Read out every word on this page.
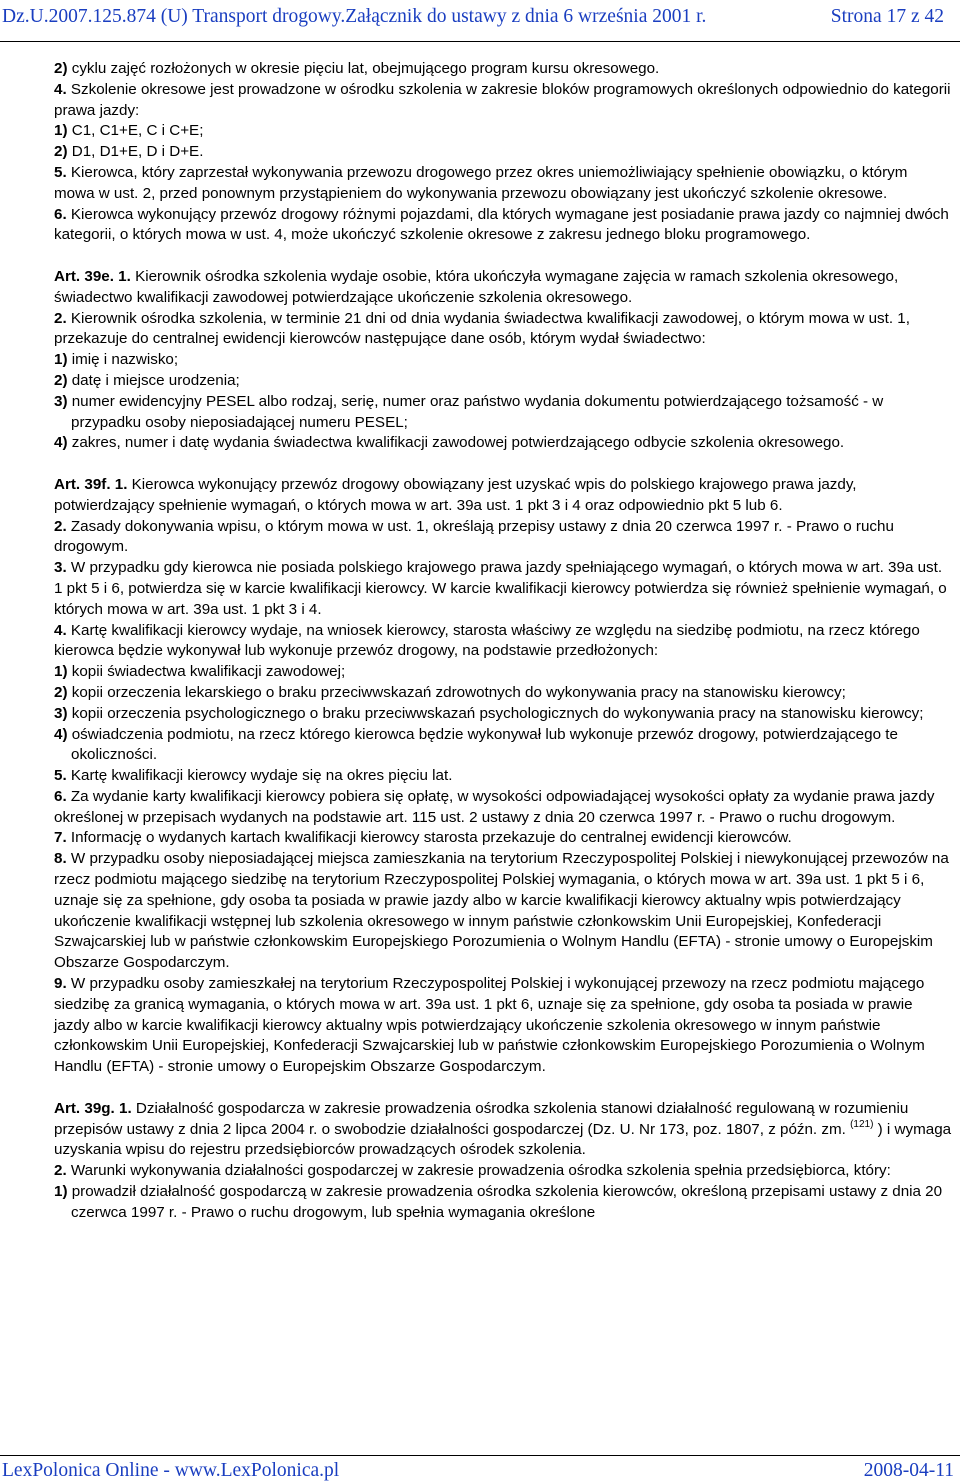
Dz.U.2007.125.874 (U) Transport drogowy.Załącznik do ustawy z dnia 6 września 2001 r.	Strona 17 z 42

2) cyklu zajęć rozłożonych w okresie pięciu lat, obejmującego program kursu okresowego.

4. Szkolenie okresowe jest prowadzone w ośrodku szkolenia w zakresie bloków programowych określonych odpowiednio do kategorii prawa jazdy:

1) C1, C1+E, C i C+E;

2) D1, D1+E, D i D+E.

5. Kierowca, który zaprzestał wykonywania przewozu drogowego przez okres uniemożliwiający spełnienie obowiązku, o którym mowa w ust. 2, przed ponownym przystąpieniem do wykonywania przewozu obowiązany jest ukończyć szkolenie okresowe.

6. Kierowca wykonujący przewóz drogowy różnymi pojazdami, dla których wymagane jest posiadanie prawa jazdy co najmniej dwóch kategorii, o których mowa w ust. 4, może ukończyć szkolenie okresowe z zakresu jednego bloku programowego.

Art. 39e. 1. Kierownik ośrodka szkolenia wydaje osobie, która ukończyła wymagane zajęcia w ramach szkolenia okresowego, świadectwo kwalifikacji zawodowej potwierdzające ukończenie szkolenia okresowego.

2. Kierownik ośrodka szkolenia, w terminie 21 dni od dnia wydania świadectwa kwalifikacji zawodowej, o którym mowa w ust. 1, przekazuje do centralnej ewidencji kierowców następujące dane osób, którym wydał świadectwo:

1) imię i nazwisko;

2) datę i miejsce urodzenia;

3) numer ewidencyjny PESEL albo rodzaj, serię, numer oraz państwo wydania dokumentu potwierdzającego tożsamość - w przypadku osoby nieposiadającej numeru PESEL;

4) zakres, numer i datę wydania świadectwa kwalifikacji zawodowej potwierdzającego odbycie szkolenia okresowego.

Art. 39f. 1. Kierowca wykonujący przewóz drogowy obowiązany jest uzyskać wpis do polskiego krajowego prawa jazdy, potwierdzający spełnienie wymagań, o których mowa w art. 39a ust. 1 pkt 3 i 4 oraz odpowiednio pkt 5 lub 6.

2. Zasady dokonywania wpisu, o którym mowa w ust. 1, określają przepisy ustawy z dnia 20 czerwca 1997 r. - Prawo o ruchu drogowym.

3. W przypadku gdy kierowca nie posiada polskiego krajowego prawa jazdy spełniającego wymagań, o których mowa w art. 39a ust. 1 pkt 5 i 6, potwierdza się w karcie kwalifikacji kierowcy. W karcie kwalifikacji kierowcy potwierdza się również spełnienie wymagań, o których mowa w art. 39a ust. 1 pkt 3 i 4.

4. Kartę kwalifikacji kierowcy wydaje, na wniosek kierowcy, starosta właściwy ze względu na siedzibę podmiotu, na rzecz którego kierowca będzie wykonywał lub wykonuje przewóz drogowy, na podstawie przedłożonych:

1) kopii świadectwa kwalifikacji zawodowej;

2) kopii orzeczenia lekarskiego o braku przeciwwskazań zdrowotnych do wykonywania pracy na stanowisku kierowcy;

3) kopii orzeczenia psychologicznego o braku przeciwwskazań psychologicznych do wykonywania pracy na stanowisku kierowcy;

4) oświadczenia podmiotu, na rzecz którego kierowca będzie wykonywał lub wykonuje przewóz drogowy, potwierdzającego te okoliczności.

5. Kartę kwalifikacji kierowcy wydaje się na okres pięciu lat.

6. Za wydanie karty kwalifikacji kierowcy pobiera się opłatę, w wysokości odpowiadającej wysokości opłaty za wydanie prawa jazdy określonej w przepisach wydanych na podstawie art. 115 ust. 2 ustawy z dnia 20 czerwca 1997 r. - Prawo o ruchu drogowym.

7. Informację o wydanych kartach kwalifikacji kierowcy starosta przekazuje do centralnej ewidencji kierowców.

8. W przypadku osoby nieposiadającej miejsca zamieszkania na terytorium Rzeczypospolitej Polskiej i niewykonującej przewozów na rzecz podmiotu mającego siedzibę na terytorium Rzeczypospolitej Polskiej wymagania, o których mowa w art. 39a ust. 1 pkt 5 i 6, uznaje się za spełnione, gdy osoba ta posiada w prawie jazdy albo w karcie kwalifikacji kierowcy aktualny wpis potwierdzający ukończenie kwalifikacji wstępnej lub szkolenia okresowego w innym państwie członkowskim Unii Europejskiej, Konfederacji Szwajcarskiej lub w państwie członkowskim Europejskiego Porozumienia o Wolnym Handlu (EFTA) - stronie umowy o Europejskim Obszarze Gospodarczym.

9. W przypadku osoby zamieszkałej na terytorium Rzeczypospolitej Polskiej i wykonującej przewozy na rzecz podmiotu mającego siedzibę za granicą wymagania, o których mowa w art. 39a ust. 1 pkt 6, uznaje się za spełnione, gdy osoba ta posiada w prawie jazdy albo w karcie kwalifikacji kierowcy aktualny wpis potwierdzający ukończenie szkolenia okresowego w innym państwie członkowskim Unii Europejskiej, Konfederacji Szwajcarskiej lub w państwie członkowskim Europejskiego Porozumienia o Wolnym Handlu (EFTA) - stronie umowy o Europejskim Obszarze Gospodarczym.

Art. 39g. 1. Działalność gospodarcza w zakresie prowadzenia ośrodka szkolenia stanowi działalność regulowaną w rozumieniu przepisów ustawy z dnia 2 lipca 2004 r. o swobodzie działalności gospodarczej (Dz. U. Nr 173, poz. 1807, z późn. zm. $^{(121)}$ ) i wymaga uzyskania wpisu do rejestru przedsiębiorców prowadzących ośrodek szkolenia.

2. Warunki wykonywania działalności gospodarczej w zakresie prowadzenia ośrodka szkolenia spełnia przedsiębiorca, który:

1) prowadził działalność gospodarczą w zakresie prowadzenia ośrodka szkolenia kierowców, określoną przepisami ustawy z dnia 20 czerwca 1997 r. - Prawo o ruchu drogowym, lub spełnia wymagania określone

LexPolonica Online - www.LexPolonica.pl	2008-04-11
